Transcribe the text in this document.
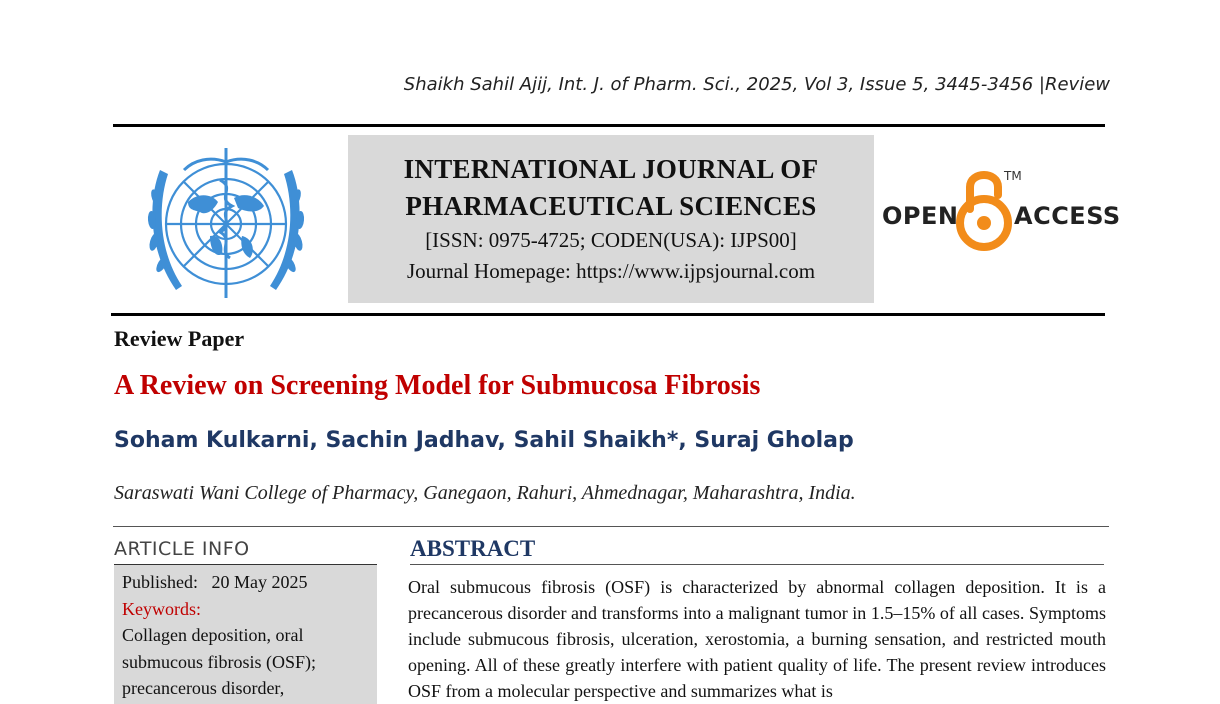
Shaikh Sahil Ajij, Int. J. of Pharm. Sci., 2025, Vol 3, Issue 5, 3445-3456 |Review
INTERNATIONAL JOURNAL OF
PHARMACEUTICAL SCIENCES
[ISSN: 0975-4725; CODEN(USA): IJPS00]
Journal Homepage: https://www.ijpsjournal.com
OPEN
TM
ACCESS
Review Paper
A Review on Screening Model for Submucosa Fibrosis
Soham Kulkarni, Sachin Jadhav, Sahil Shaikh*, Suraj Gholap
Saraswati Wani College of Pharmacy, Ganegaon, Rahuri, Ahmednagar, Maharashtra, India.
ARTICLE INFO
Published: 20 May 2025
Keywords:
Collagen deposition, oral
submucous fibrosis (OSF);
precancerous disorder,
ABSTRACT
Oral submucous fibrosis (OSF) is characterized by abnormal collagen deposition. It is a precancerous disorder and transforms into a malignant tumor in 1.5–15% of all cases. Symptoms include submucous fibrosis, ulceration, xerostomia, a burning sensation, and restricted mouth opening. All of these greatly interfere with patient quality of life. The present review introduces OSF from a molecular perspective and summarizes what is
